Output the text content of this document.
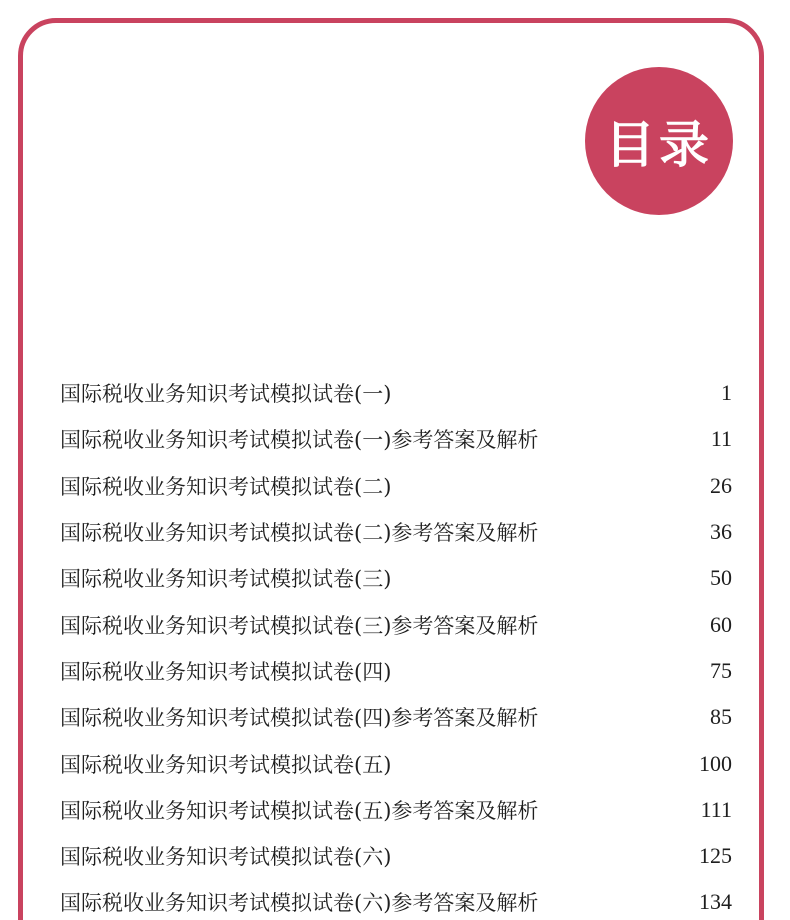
目录
国际税收业务知识考试模拟试卷(一)	1
国际税收业务知识考试模拟试卷(一)参考答案及解析	11
国际税收业务知识考试模拟试卷(二)	26
国际税收业务知识考试模拟试卷(二)参考答案及解析	36
国际税收业务知识考试模拟试卷(三)	50
国际税收业务知识考试模拟试卷(三)参考答案及解析	60
国际税收业务知识考试模拟试卷(四)	75
国际税收业务知识考试模拟试卷(四)参考答案及解析	85
国际税收业务知识考试模拟试卷(五)	100
国际税收业务知识考试模拟试卷(五)参考答案及解析	111
国际税收业务知识考试模拟试卷(六)	125
国际税收业务知识考试模拟试卷(六)参考答案及解析	134
